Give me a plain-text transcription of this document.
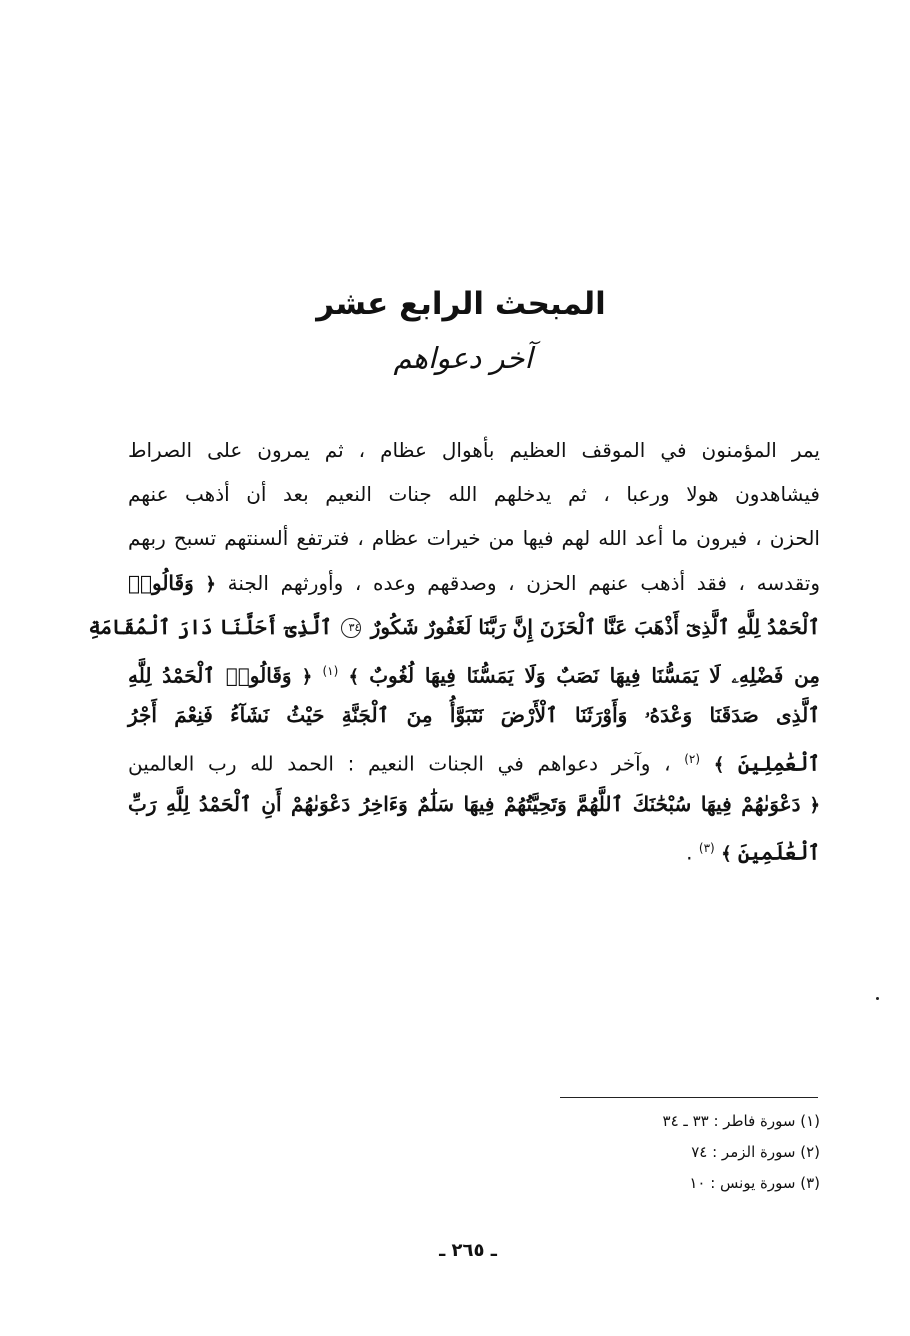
المبحث الرابع عشر
آخر دعواهم
يمر المؤمنون في الموقف العظيم بأهوال عظام ، ثم يمرون على الصراط
فيشاهدون هولا ورعبا ، ثم يدخلهم الله جنات النعيم بعد أن أذهب عنهم
الحزن ، فيرون ما أعد الله لهم فيها من خيرات عظام ، فترتفع ألسنتهم تسبح ربهم
وتقدسه ، فقد أذهب عنهم الحزن ، وصدقهم وعده ، وأورثهم الجنة ﴿ وَقَالُوا۟
ٱلْحَمْدُ لِلَّهِ ٱلَّذِىٓ أَذْهَبَ عَنَّا ٱلْحَزَنَ إِنَّ رَبَّنَا لَغَفُورٌ شَكُورٌ ٣٤ ٱلَّذِىٓ أَحَلَّنَا دَارَ ٱلْمُقَامَةِ
مِن فَضْلِهِۦ لَا يَمَسُّنَا فِيهَا نَصَبٌ وَلَا يَمَسُّنَا فِيهَا لُغُوبٌ ﴾ $^{(١)}$ ﴿ وَقَالُوا۟ ٱلْحَمْدُ لِلَّهِ
ٱلَّذِى صَدَقَنَا وَعْدَهُۥ وَأَوْرَثَنَا ٱلْأَرْضَ نَتَبَوَّأُ مِنَ ٱلْجَنَّةِ حَيْثُ نَشَآءُ فَنِعْمَ أَجْرُ
ٱلْعَٰمِلِينَ ﴾ $^{(٢)}$ ، وآخر دعواهم في الجنات النعيم : الحمد لله رب العالمين
﴿ دَعْوَىٰهُمْ فِيهَا سُبْحَٰنَكَ ٱللَّهُمَّ وَتَحِيَّتُهُمْ فِيهَا سَلَٰمٌ وَءَاخِرُ دَعْوَىٰهُمْ أَنِ ٱلْحَمْدُ لِلَّهِ رَبِّ
ٱلْعَٰلَمِينَ ﴾ $^{(٣)}$ .
(١) سورة فاطر : ٣٣ ـ ٣٤
(٢) سورة الزمر : ٧٤
(٣) سورة يونس : ١٠
ـ ٢٦٥ ـ
